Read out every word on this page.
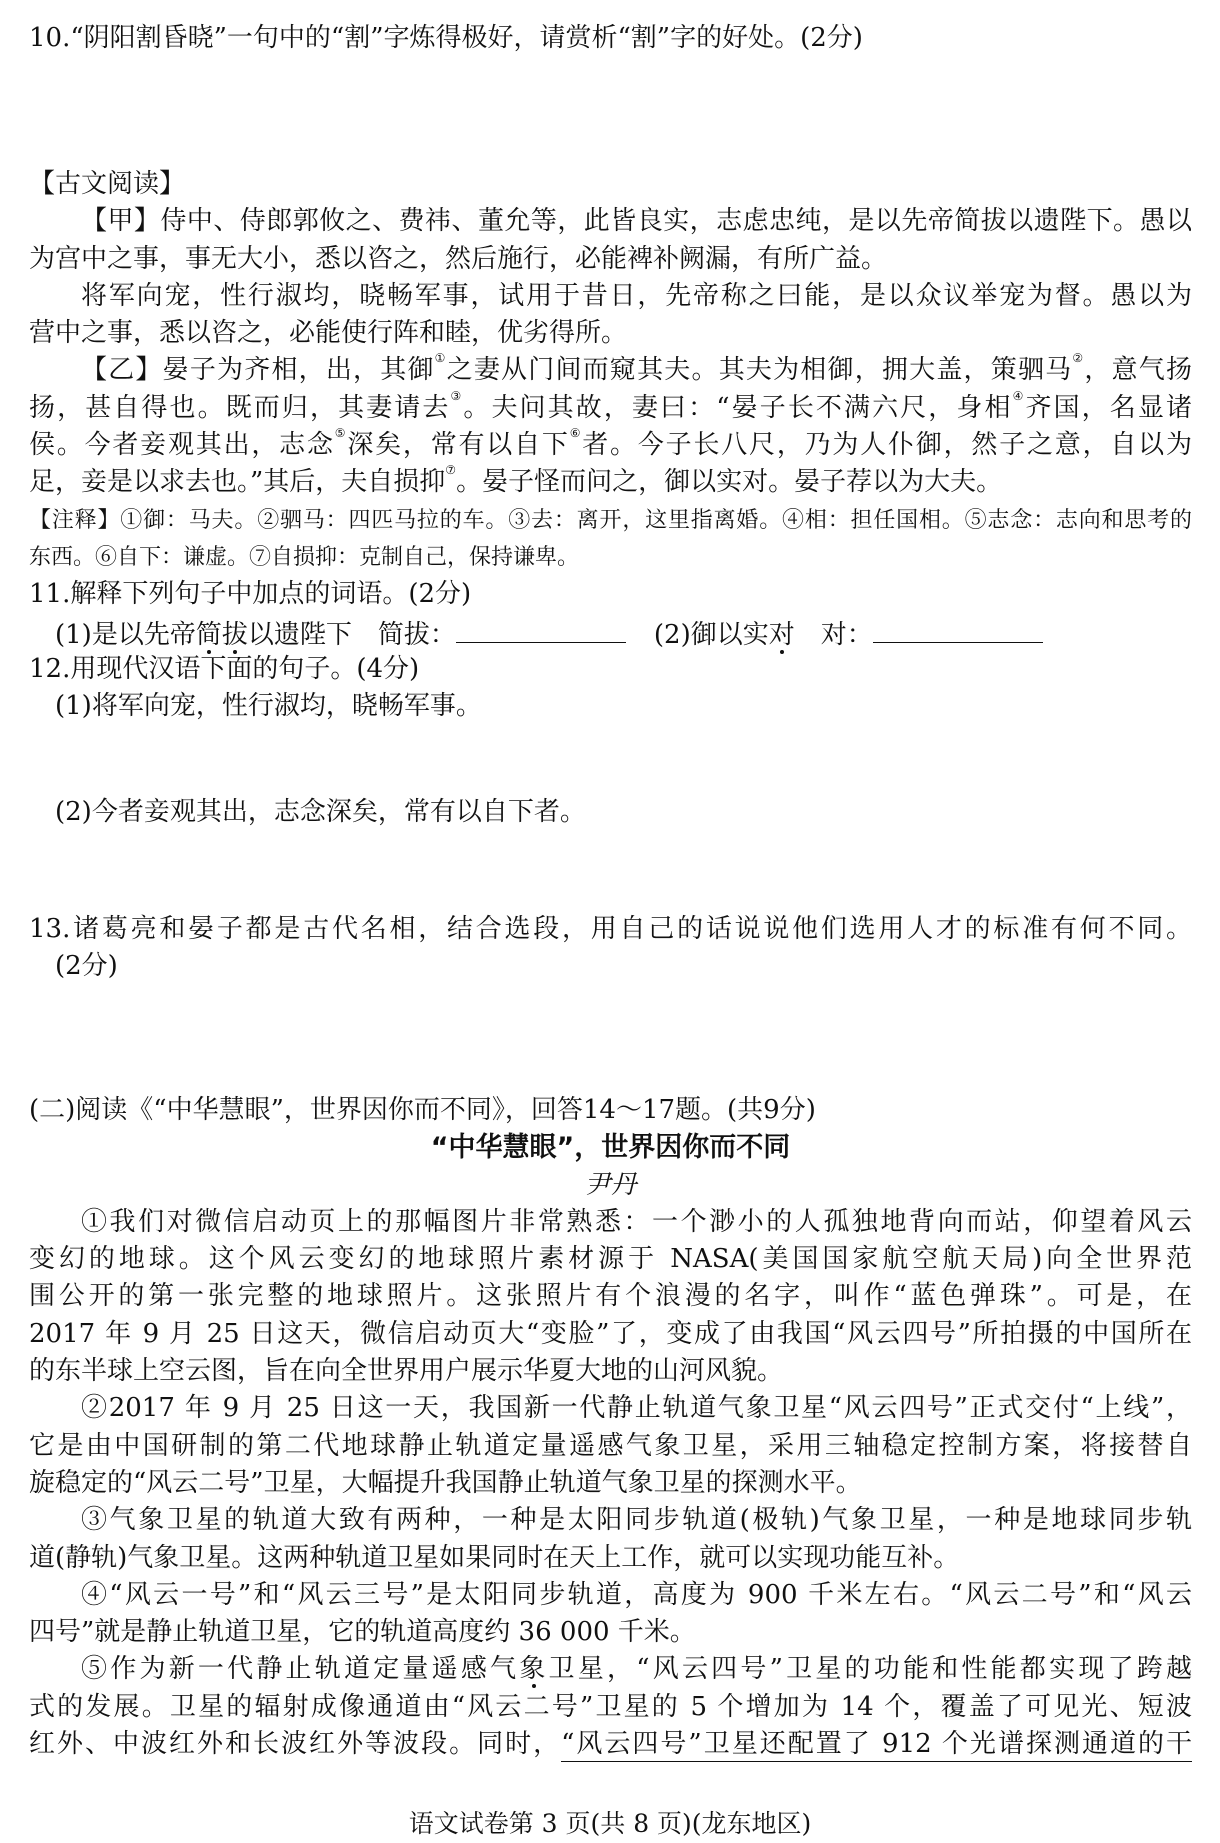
10.“阴阳割昏晓”一句中的“割”字炼得极好，请赏析“割”字的好处。(2分)
【古文阅读】
【甲】侍中、侍郎郭攸之、费祎、董允等，此皆良实，志虑忠纯，是以先帝简拔以遗陛下。愚以
为宫中之事，事无大小，悉以咨之，然后施行，必能裨补阙漏，有所广益。
将军向宠，性行淑均，晓畅军事，试用于昔日，先帝称之曰能，是以众议举宠为督。愚以为
营中之事，悉以咨之，必能使行阵和睦，优劣得所。
【乙】晏子为齐相，出，其御①之妻从门间而窥其夫。其夫为相御，拥大盖，策驷马②，意气扬
扬，甚自得也。既而归，其妻请去③。夫问其故，妻曰：“晏子长不满六尺，身相④齐国，名显诸
侯。今者妾观其出，志念⑤深矣，常有以自下⑥者。今子长八尺，乃为人仆御，然子之意，自以为
足，妾是以求去也。”其后，夫自损抑⑦。晏子怪而问之，御以实对。晏子荐以为大夫。
【注释】①御：马夫。②驷马：四匹马拉的车。③去：离开，这里指离婚。④相：担任国相。⑤志念：志向和思考的
东西。⑥自下：谦虚。⑦自损抑：克制自己，保持谦卑。
11.解释下列句子中加点的词语。(2分)
(1)是以先帝简拔以遗陛下　简拔：	(2)御以实对　对：
12.用现代汉语下面的句子。(4分)
(1)将军向宠，性行淑均，晓畅军事。
(2)今者妾观其出，志念深矣，常有以自下者。
13.诸葛亮和晏子都是古代名相，结合选段，用自己的话说说他们选用人才的标准有何不同。
(2分)
(二)阅读《“中华慧眼”，世界因你而不同》，回答14～17题。(共9分)
“中华慧眼”，世界因你而不同
尹丹
①我们对微信启动页上的那幅图片非常熟悉：一个渺小的人孤独地背向而站，仰望着风云
变幻的地球。这个风云变幻的地球照片素材源于 NASA(美国国家航空航天局)向全世界范
围公开的第一张完整的地球照片。这张照片有个浪漫的名字，叫作“蓝色弹珠”。可是，在
2017 年 9 月 25 日这天，微信启动页大“变脸”了，变成了由我国“风云四号”所拍摄的中国所在
的东半球上空云图，旨在向全世界用户展示华夏大地的山河风貌。
②2017 年 9 月 25 日这一天，我国新一代静止轨道气象卫星“风云四号”正式交付“上线”，
它是由中国研制的第二代地球静止轨道定量遥感气象卫星，采用三轴稳定控制方案，将接替自
旋稳定的“风云二号”卫星，大幅提升我国静止轨道气象卫星的探测水平。
③气象卫星的轨道大致有两种，一种是太阳同步轨道(极轨)气象卫星，一种是地球同步轨
道(静轨)气象卫星。这两种轨道卫星如果同时在天上工作，就可以实现功能互补。
④“风云一号”和“风云三号”是太阳同步轨道，高度为 900 千米左右。“风云二号”和“风云
四号”就是静止轨道卫星，它的轨道高度约 36 000 千米。
⑤作为新一代静止轨道定量遥感气象卫星，“风云四号”卫星的功能和性能都实现了跨越
式的发展。卫星的辐射成像通道由“风云二号”卫星的 5 个增加为 14 个，覆盖了可见光、短波
红外、中波红外和长波红外等波段。同时，“风云四号”卫星还配置了 912 个光谱探测通道的干
语文试卷第 3 页(共 8 页)(龙东地区)
